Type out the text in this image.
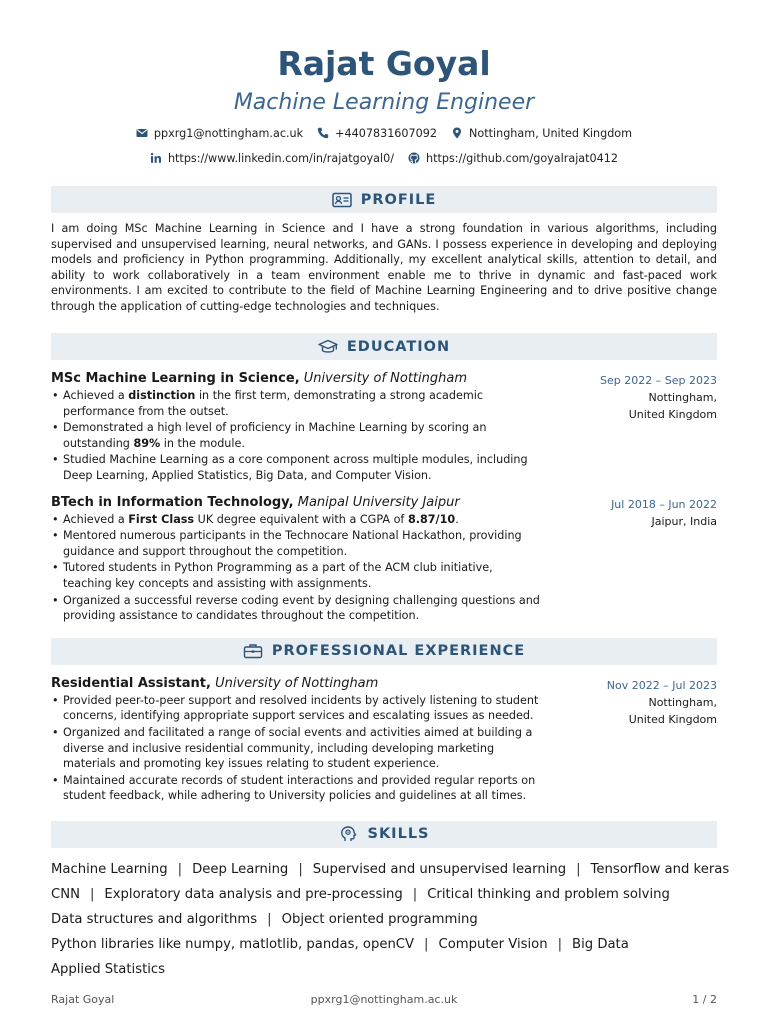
Rajat Goyal
Machine Learning Engineer
ppxrg1@nottingham.ac.uk	+4407831607092	Nottingham, United Kingdom
https://www.linkedin.com/in/rajatgoyal0/	https://github.com/goyalrajat0412
PROFILE
I am doing MSc Machine Learning in Science and I have a strong foundation in various algorithms, including supervised and unsupervised learning, neural networks, and GANs. I possess experience in developing and deploying models and proficiency in Python programming. Additionally, my excellent analytical skills, attention to detail, and ability to work collaboratively in a team environment enable me to thrive in dynamic and fast-paced work environments. I am excited to contribute to the field of Machine Learning Engineering and to drive positive change through the application of cutting-edge technologies and techniques.
EDUCATION
MSc Machine Learning in Science, University of Nottingham	Sep 2022 – Sep 2023
Nottingham,
United Kingdom
• Achieved a distinction in the first term, demonstrating a strong academic performance from the outset.
• Demonstrated a high level of proficiency in Machine Learning by scoring an outstanding 89% in the module.
• Studied Machine Learning as a core component across multiple modules, including Deep Learning, Applied Statistics, Big Data, and Computer Vision.
BTech in Information Technology, Manipal University Jaipur	Jul 2018 – Jun 2022
Jaipur, India
• Achieved a First Class UK degree equivalent with a CGPA of 8.87/10.
• Mentored numerous participants in the Technocare National Hackathon, providing guidance and support throughout the competition.
• Tutored students in Python Programming as a part of the ACM club initiative, teaching key concepts and assisting with assignments.
• Organized a successful reverse coding event by designing challenging questions and providing assistance to candidates throughout the competition.
PROFESSIONAL EXPERIENCE
Residential Assistant, University of Nottingham	Nov 2022 – Jul 2023
Nottingham,
United Kingdom
• Provided peer-to-peer support and resolved incidents by actively listening to student concerns, identifying appropriate support services and escalating issues as needed.
• Organized and facilitated a range of social events and activities aimed at building a diverse and inclusive residential community, including developing marketing materials and promoting key issues relating to student experience.
• Maintained accurate records of student interactions and provided regular reports on student feedback, while adhering to University policies and guidelines at all times.
SKILLS
Machine Learning | Deep Learning | Supervised and unsupervised learning | Tensorflow and keras
CNN | Exploratory data analysis and pre-processing | Critical thinking and problem solving
Data structures and algorithms | Object oriented programming
Python libraries like numpy, matlotlib, pandas, openCV | Computer Vision | Big Data
Applied Statistics
Rajat Goyal	ppxrg1@nottingham.ac.uk	1 / 2
